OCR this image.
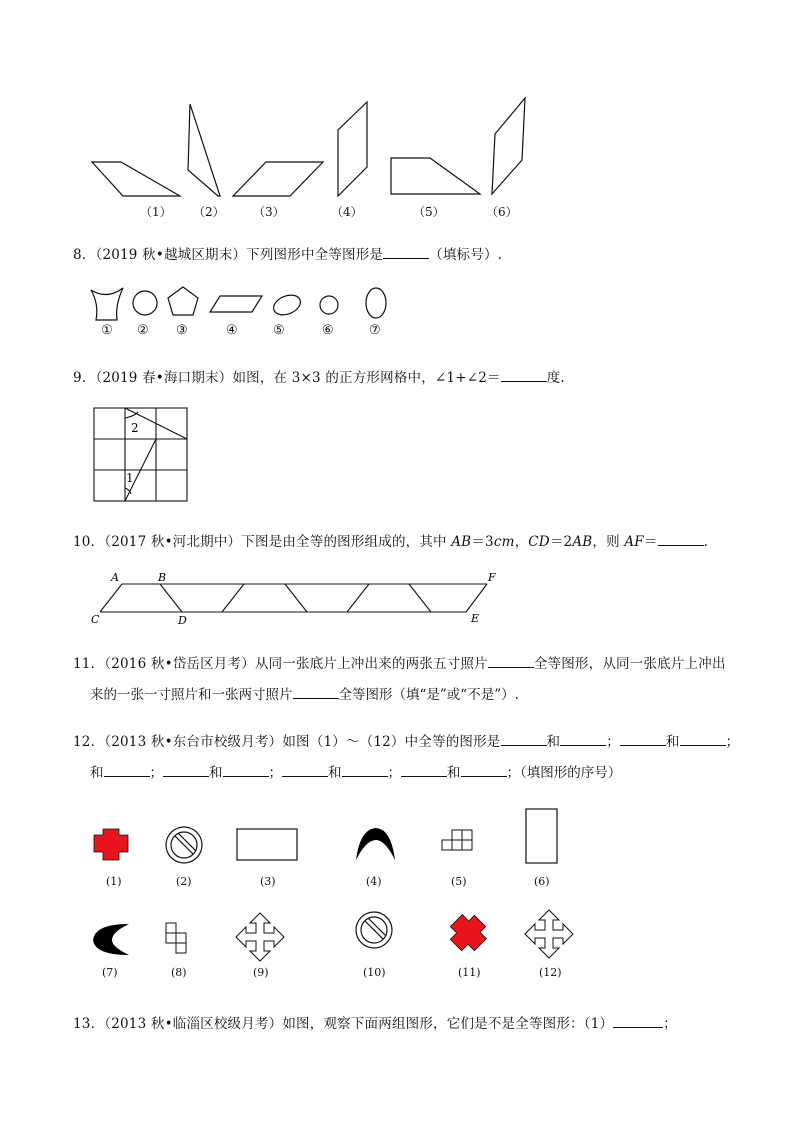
（1） （2） （3）	（4）	（5）	（6）
8．（2019 秋•越城区期末）下列图形中全等图形是	（填标号）.
① ② ③	④	⑤	⑥	⑦
9．（2019 春•海口期末）如图，在 3×3 的正方形网格中，∠1+∠2＝	度.
2
1
10．（2017 秋•河北期中）下图是由全等的图形组成的，其中 AB＝3cm，CD＝2AB，则 AF＝	.
A	B	F
C	D	E
11．（2016 秋•岱岳区月考）从同一张底片上冲出来的两张五寸照片	全等图形，从同一张底片上冲出
来的一张一寸照片和一张两寸照片	全等图形（填“是”或“不是”）.
12．（2013 秋•东台市校级月考）如图（1）～（12）中全等的图形是	和	；	和	；
和	；	和	；	和	；	和	；（填图形的序号）
(1)	(2)	(3)	(4)	(5)	(6)
(7)	(8)	(9)	(10)	(11)	(12)
13．（2013 秋•临淄区校级月考）如图，观察下面两组图形，它们是不是全等图形：（1）	；
